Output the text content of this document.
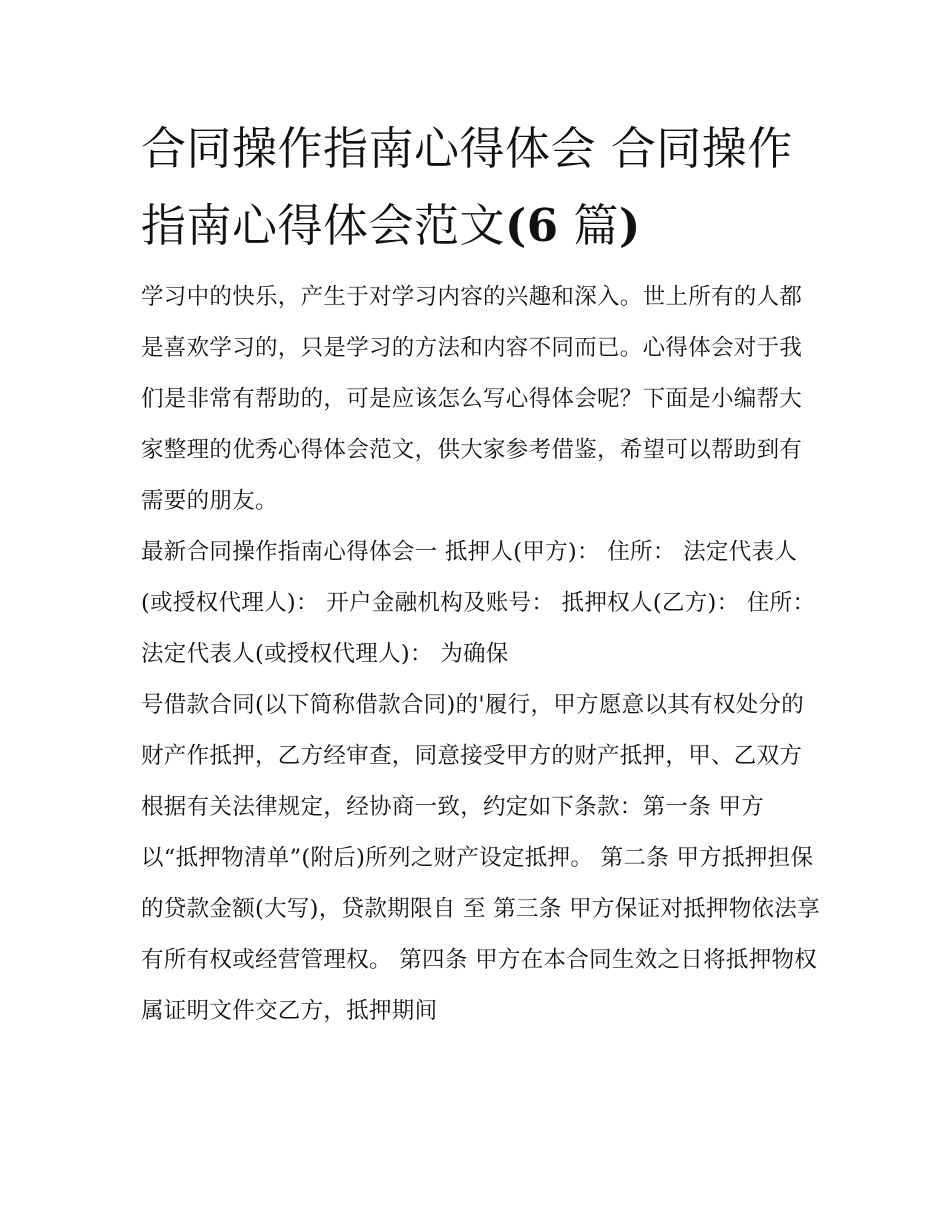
合同操作指南心得体会 合同操作指南心得体会范文(6 篇)

学习中的快乐，产生于对学习内容的兴趣和深入。世上所有的人都是喜欢学习的，只是学习的方法和内容不同而已。心得体会对于我们是非常有帮助的，可是应该怎么写心得体会呢？下面是小编帮大家整理的优秀心得体会范文，供大家参考借鉴，希望可以帮助到有需要的朋友。

最新合同操作指南心得体会一 抵押人(甲方)： 住所： 法定代表人(或授权代理人)： 开户金融机构及账号： 抵押权人(乙方)： 住所：

法定代表人(或授权代理人)： 为确保

号借款合同(以下简称借款合同)的'履行，甲方愿意以其有权处分的财产作抵押，乙方经审查，同意接受甲方的财产抵押，甲、乙双方根据有关法律规定，经协商一致，约定如下条款：第一条 甲方以“抵押物清单”(附后)所列之财产设定抵押。 第二条 甲方抵押担保的贷款金额(大写)，贷款期限自 至 第三条 甲方保证对抵押物依法享有所有权或经营管理权。 第四条 甲方在本合同生效之日将抵押物权属证明文件交乙方，抵押期间
